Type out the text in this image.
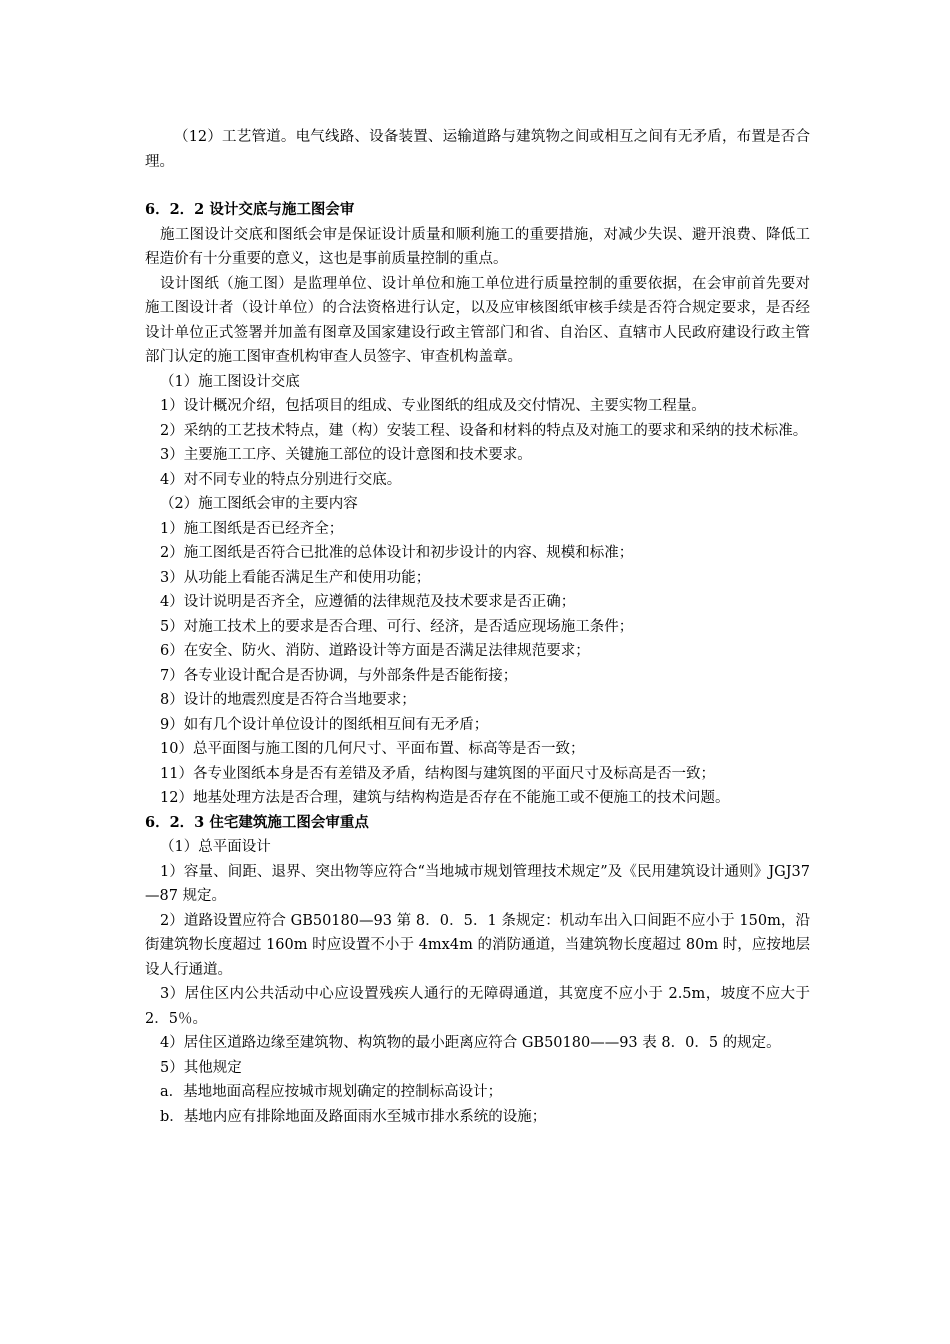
（12）工艺管道。电气线路、设备装置、运输道路与建筑物之间或相互之间有无矛盾，布置是否合理。

6．2．2 设计交底与施工图会审

施工图设计交底和图纸会审是保证设计质量和顺利施工的重要措施，对减少失误、避开浪费、降低工程造价有十分重要的意义，这也是事前质量控制的重点。

设计图纸（施工图）是监理单位、设计单位和施工单位进行质量控制的重要依据，在会审前首先要对施工图设计者（设计单位）的合法资格进行认定，以及应审核图纸审核手续是否符合规定要求，是否经设计单位正式签署并加盖有图章及国家建设行政主管部门和省、自治区、直辖市人民政府建设行政主管部门认定的施工图审查机构审查人员签字、审查机构盖章。

（1）施工图设计交底

1）设计概况介绍，包括项目的组成、专业图纸的组成及交付情况、主要实物工程量。

2）采纳的工艺技术特点，建（构）安装工程、设备和材料的特点及对施工的要求和采纳的技术标准。

3）主要施工工序、关键施工部位的设计意图和技术要求。

4）对不同专业的特点分别进行交底。

（2）施工图纸会审的主要内容

1）施工图纸是否已经齐全；

2）施工图纸是否符合已批准的总体设计和初步设计的内容、规模和标准；

3）从功能上看能否满足生产和使用功能；

4）设计说明是否齐全，应遵循的法律规范及技术要求是否正确；

5）对施工技术上的要求是否合理、可行、经济，是否适应现场施工条件；

6）在安全、防火、消防、道路设计等方面是否满足法律规范要求；

7）各专业设计配合是否协调，与外部条件是否能衔接；

8）设计的地震烈度是否符合当地要求；

9）如有几个设计单位设计的图纸相互间有无矛盾；

10）总平面图与施工图的几何尺寸、平面布置、标高等是否一致；

11）各专业图纸本身是否有差错及矛盾，结构图与建筑图的平面尺寸及标高是否一致；

12）地基处理方法是否合理，建筑与结构构造是否存在不能施工或不便施工的技术问题。

6．2．3 住宅建筑施工图会审重点

（1）总平面设计

1）容量、间距、退界、突出物等应符合“当地城市规划管理技术规定”及《民用建筑设计通则》JGJ37—87 规定。

2）道路设置应符合 GB50180—93 第 8．0．5．1 条规定：机动车出入口间距不应小于 150m，沿街建筑物长度超过 160m 时应设置不小于 4mx4m 的消防通道，当建筑物长度超过 80m 时，应按地层设人行通道。

3）居住区内公共活动中心应设置残疾人通行的无障碍通道，其宽度不应小于 2.5m，坡度不应大于 2．5％。

4）居住区道路边缘至建筑物、构筑物的最小距离应符合 GB50180——93 表 8．0．5 的规定。

5）其他规定

a．基地地面高程应按城市规划确定的控制标高设计；

b．基地内应有排除地面及路面雨水至城市排水系统的设施；
